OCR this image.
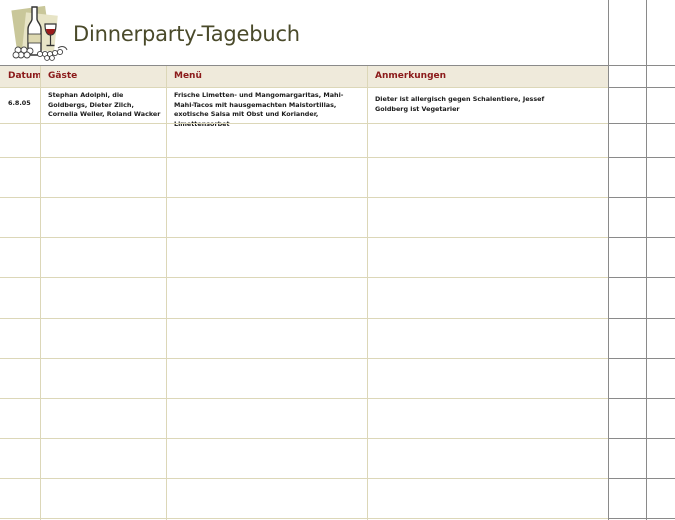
Dinnerparty-Tagebuch
Datum Gäste	Menü	Anmerkungen
6.8.05
Stephan Adolphi, die Goldbergs, Dieter Zilch, Cornelia Weiler, Roland Wacker
Frische Limetten- und Mangomargaritas, Mahi-Mahi-Tacos mit hausgemachten Maistortillas, exotische Salsa mit Obst und Koriander, Limettensorbet
Dieter ist allergisch gegen Schalentiere, Jessef Goldberg ist Vegetarier
